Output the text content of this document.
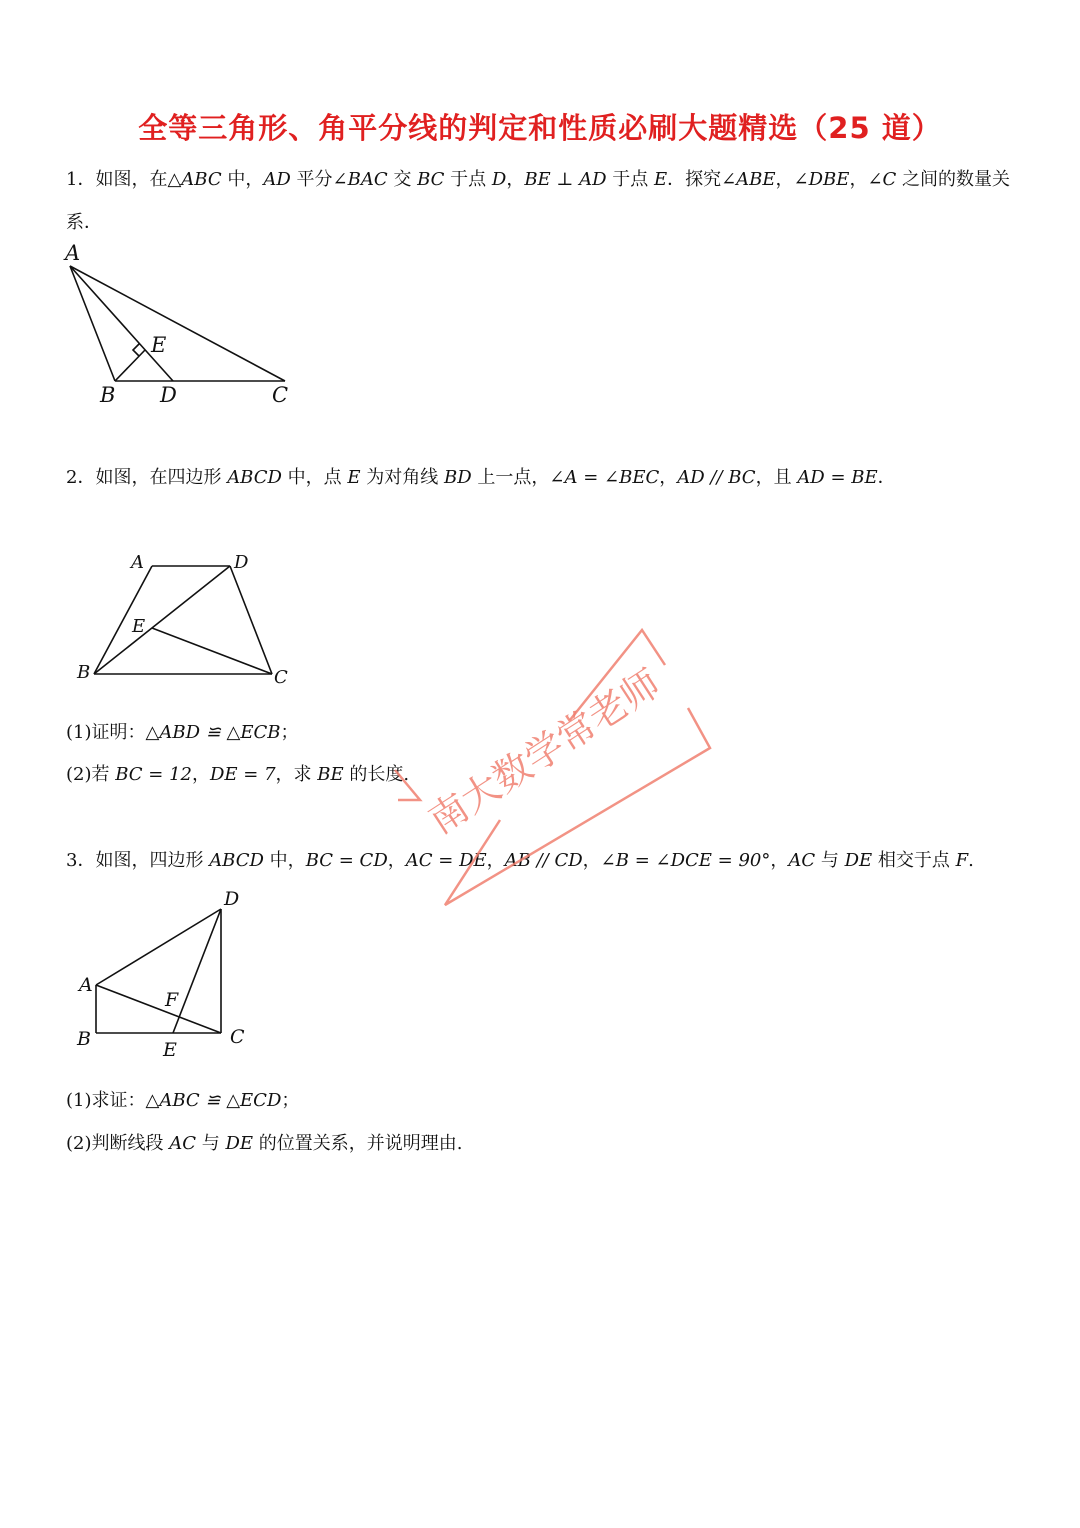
全等三角形、角平分线的判定和性质必刷大题精选（25 道）
1．如图，在△ABC 中，AD 平分∠BAC 交 BC 于点 D，BE ⊥ AD 于点 E．探究∠ABE，∠DBE，∠C 之间的数量关
系．
A
B D	C
E
2．如图，在四边形 ABCD 中，点 E 为对角线 BD 上一点，∠A = ∠BEC，AD // BC，且 AD = BE．
A	D
E
B	C
(1)证明：△ABD ≌ △ECB；
(2)若 BC = 12，DE = 7，求 BE 的长度.
3．如图，四边形 ABCD 中，BC = CD，AC = DE，AB // CD，∠B = ∠DCE = 90°，AC 与 DE 相交于点 F.
D
A
F
B	C
E
(1)求证：△ABC ≌ △ECD；
(2)判断线段 AC 与 DE 的位置关系，并说明理由.
南大数学常老师
